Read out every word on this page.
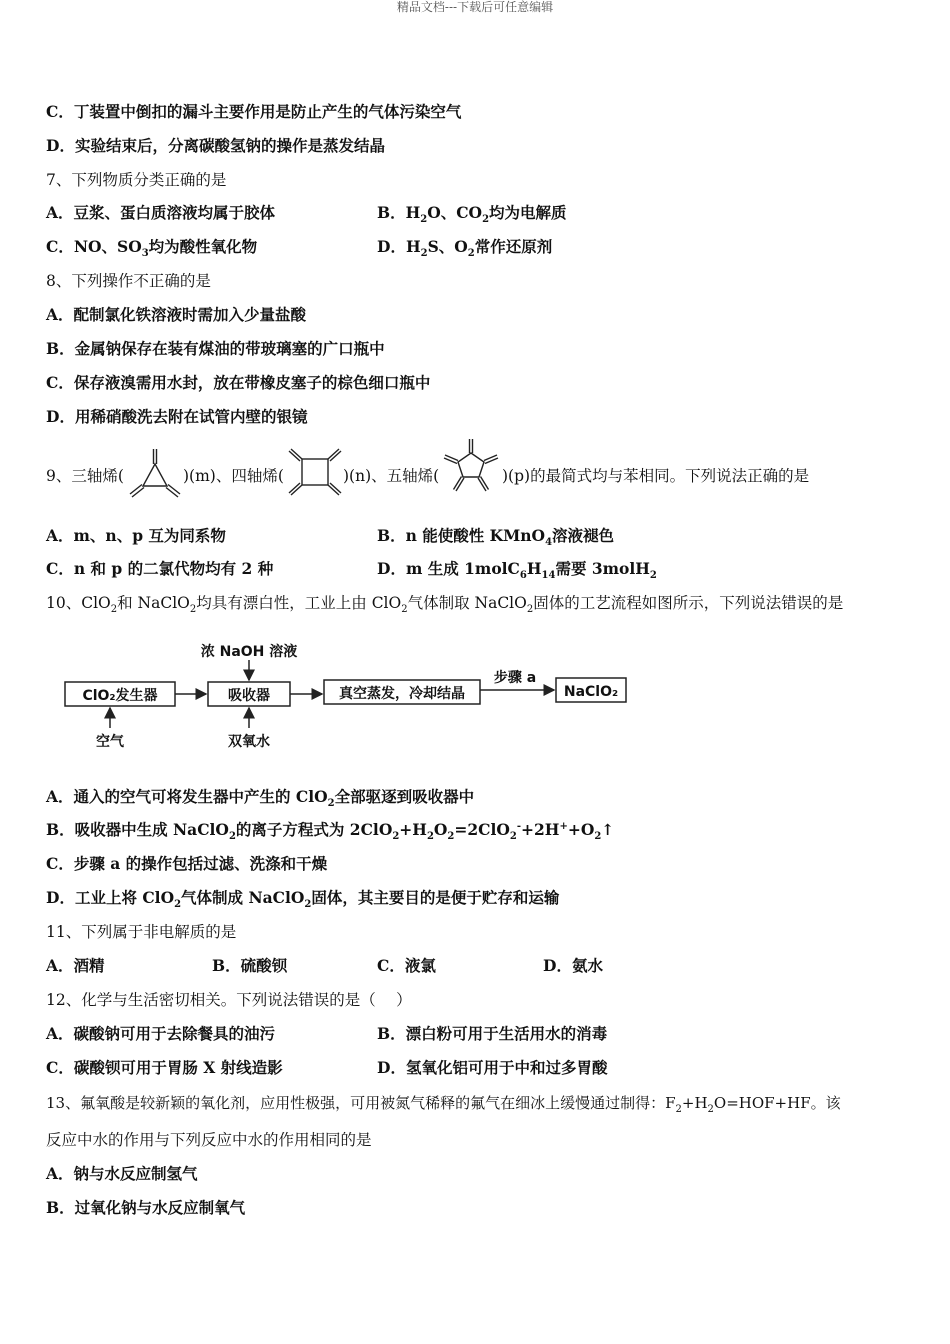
精品文档---下载后可任意编辑
C．丁装置中倒扣的漏斗主要作用是防止产生的气体污染空气
D．实验结束后，分离碳酸氢钠的操作是蒸发结晶
7、下列物质分类正确的是
A．豆浆、蛋白质溶液均属于胶体	B．$H_2O$、$CO_2$均为电解质
C．NO、$SO_3$均为酸性氧化物	D．$H_2S$、$O_2$常作还原剂
8、下列操作不正确的是
A．配制氯化铁溶液时需加入少量盐酸
B．金属钠保存在装有煤油的带玻璃塞的广口瓶中
C．保存液溴需用水封，放在带橡皮塞子的棕色细口瓶中
D．用稀硝酸洗去附在试管内壁的银镜
9、三轴烯(	)(m)、四轴烯(	)(n)、五轴烯(	)(p)的最简式均与苯相同。下列说法正确的是
A．m、n、p 互为同系物	B．n 能使酸性 KMnO$_4$溶液褪色
C．n 和 p 的二氯代物均有 2 种	D．m 生成 $1molC_6H_{14}$需要 3molH$_2$
10、ClO$_2$和 NaClO$_2$均具有漂白性，工业上由 ClO$_2$气体制取 NaClO$_2$固体的工艺流程如图所示，下列说法错误的是
ClO₂发生器	吸收器	真空蒸发，冷却结晶	NaClO₂
浓 NaOH 溶液
空气	双氧水
步骤 a
A．通入的空气可将发生器中产生的 ClO$_2$全部驱逐到吸收器中
B．吸收器中生成 NaClO$_2$的离子方程式为 $2ClO_2+H_2O_2=2ClO_2^-+2H^++O_2↑$
C．步骤 a 的操作包括过滤、洗涤和干燥
D．工业上将 ClO$_2$气体制成 NaClO$_2$固体，其主要目的是便于贮存和运输
11、下列属于非电解质的是
A．酒精	B．硫酸钡	C．液氯	D．氨水
12、化学与生活密切相关。下列说法错误的是（　 ）
A．碳酸钠可用于去除餐具的油污	B．漂白粉可用于生活用水的消毒
C．碳酸钡可用于胃肠 X 射线造影	D．氢氧化铝可用于中和过多胃酸
13、氟氧酸是较新颖的氧化剂，应用性极强，可用被氮气稀释的氟气在细冰上缓慢通过制得：$F_2+H_2O=HOF+HF$。该
反应中水的作用与下列反应中水的作用相同的是
A．钠与水反应制氢气
B．过氧化钠与水反应制氧气
